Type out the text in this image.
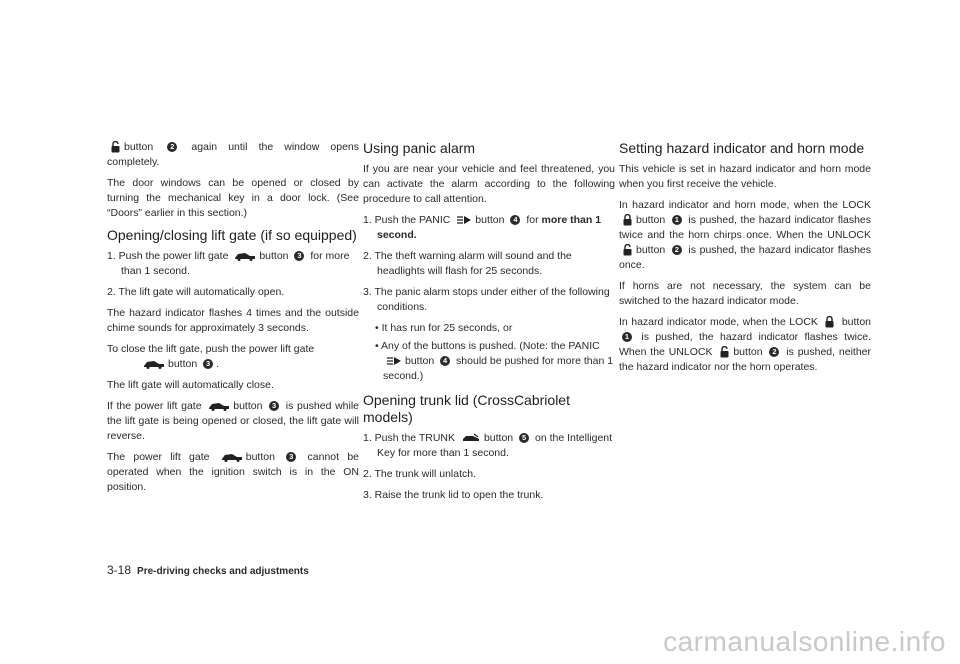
button 2 again until the window opens completely.

The door windows can be opened or closed by turning the mechanical key in a door lock. (See “Doors” earlier in this section.)

Opening/closing lift gate (if so equipped)
1. Push the power lift gate	button 3 for more than 1 second.
2. The lift gate will automatically open.

The hazard indicator flashes 4 times and the outside chime sounds for approximately 3 seconds.

To close the lift gate, push the power lift gate
button 3 .

The lift gate will automatically close.

If the power lift gate	button 3 is pushed while the lift gate is being opened or closed, the lift gate will reverse.

The power lift gate	button 3 cannot be operated when the ignition switch is in the ON position.

Using panic alarm

If you are near your vehicle and feel threatened, you can activate the alarm according to the following procedure to call attention.

1. Push the PANIC button 4 for more than 1 second.
2. The theft warning alarm will sound and the headlights will flash for 25 seconds.
3. The panic alarm stops under either of the following conditions.
• It has run for 25 seconds, or
• Any of the buttons is pushed. (Note: the PANIC
button 4 should be pushed for more than 1 second.)
Opening trunk lid (CrossCabriolet models)
1. Push the TRUNK	button 5 on the Intelligent Key for more than 1 second.
2. The trunk will unlatch.
3. Raise the trunk lid to open the trunk.
Setting hazard indicator and horn mode

This vehicle is set in hazard indicator and horn mode when you first receive the vehicle.

In hazard indicator and horn mode, when the LOCK
button 1 is pushed, the hazard indicator flashes twice and the horn chirps once. When the UNLOCK
button 2 is pushed, the hazard indicator flashes once.

If horns are not necessary, the system can be switched to the hazard indicator mode.

In hazard indicator mode, when the LOCK button 1 is pushed, the hazard indicator flashes twice. When the UNLOCK button 2 is pushed, neither the hazard indicator nor the horn operates.

3-18 Pre-driving checks and adjustments
carmanualsonline.info
